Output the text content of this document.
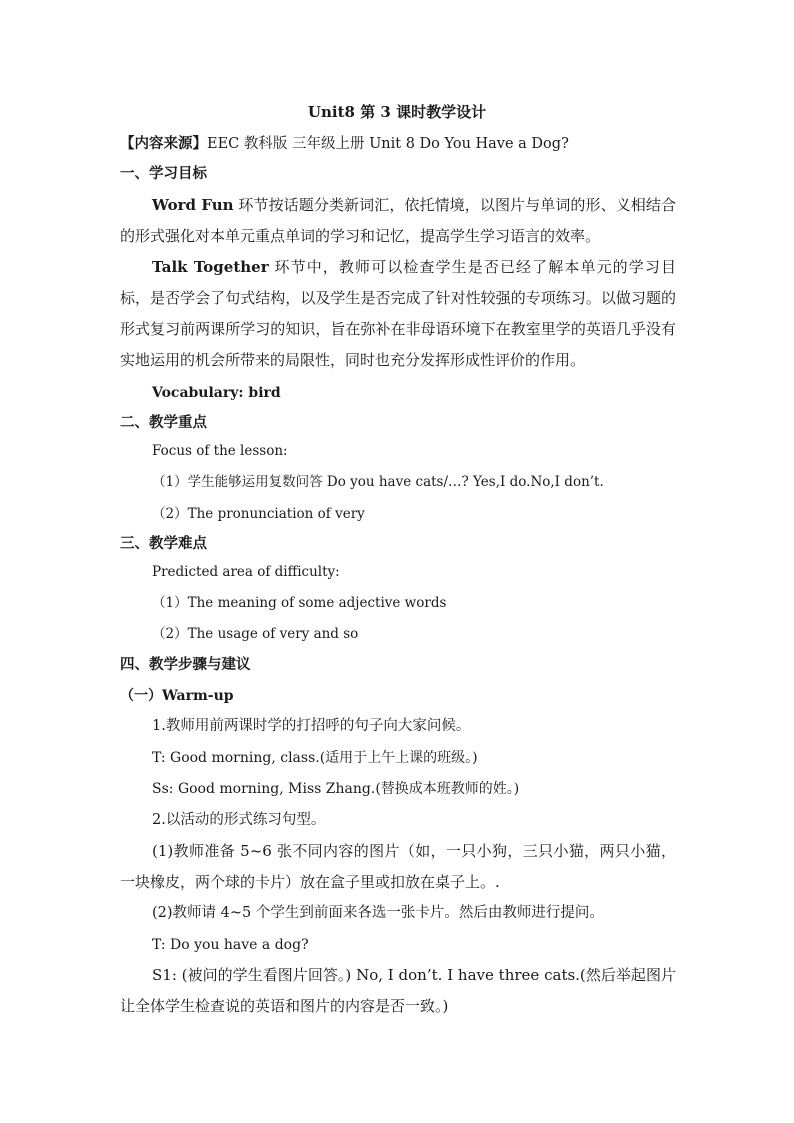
Unit8 第 3 课时教学设计
【内容来源】EEC 教科版 三年级上册 Unit 8 Do You Have a Dog?
一、学习目标

Word Fun 环节按话题分类新词汇，依托情境，以图片与单词的形、义相结合的形式强化对本单元重点单词的学习和记忆，提高学生学习语言的效率。

Talk Together 环节中，教师可以检查学生是否已经了解本单元的学习目标，是否学会了句式结构，以及学生是否完成了针对性较强的专项练习。以做习题的形式复习前两课所学习的知识，旨在弥补在非母语环境下在教室里学的英语几乎没有实地运用的机会所带来的局限性，同时也充分发挥形成性评价的作用。

Vocabulary: bird
二、教学重点
Focus of the lesson:
（1）学生能够运用复数问答 Do you have cats/…? Yes,I do.No,I don’t.
（2）The pronunciation of very
三、教学难点
Predicted area of difficulty:
（1）The meaning of some adjective words
（2）The usage of very and so
四、教学步骤与建议
（一）Warm-up
1.教师用前两课时学的打招呼的句子向大家问候。
T: Good morning, class.(适用于上午上课的班级。)
Ss: Good morning, Miss Zhang.(替换成本班教师的姓。)
2.以活动的形式练习句型。

(1)教师准备 5~6 张不同内容的图片（如，一只小狗，三只小猫，两只小猫，一块橡皮，两个球的卡片）放在盒子里或扣放在桌子上。.

(2)教师请 4~5 个学生到前面来各选一张卡片。然后由教师进行提问。
T: Do you have a dog?

S1: (被问的学生看图片回答。) No, I don’t. I have three cats.(然后举起图片让全体学生检查说的英语和图片的内容是否一致。)
